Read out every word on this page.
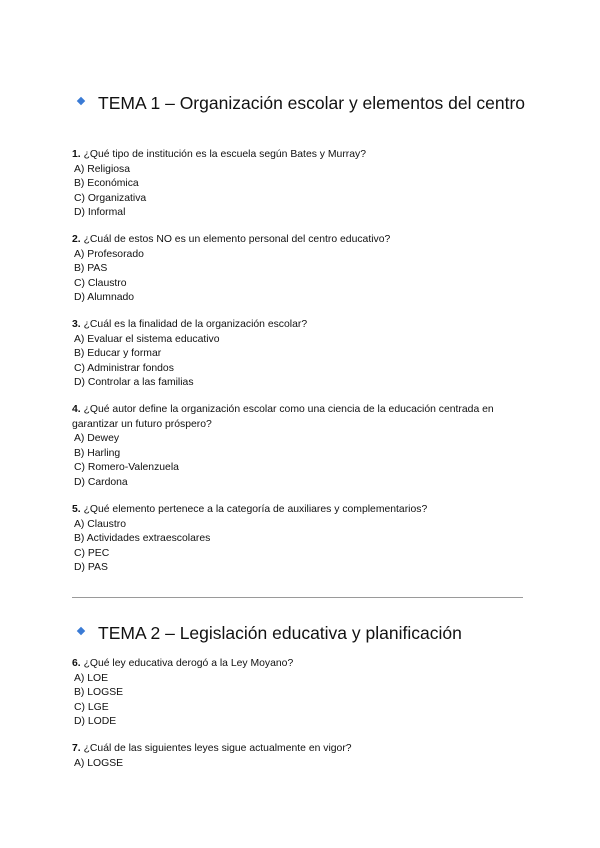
TEMA 1 – Organización escolar y elementos del centro

1. ¿Qué tipo de institución es la escuela según Bates y Murray?

A) Religiosa
B) Económica
C) Organizativa
D) Informal

2. ¿Cuál de estos NO es un elemento personal del centro educativo?

A) Profesorado
B) PAS
C) Claustro
D) Alumnado

3. ¿Cuál es la finalidad de la organización escolar?

A) Evaluar el sistema educativo
B) Educar y formar
C) Administrar fondos
D) Controlar a las familias

4. ¿Qué autor define la organización escolar como una ciencia de la educación centrada en garantizar un futuro próspero?

A) Dewey
B) Harling
C) Romero-Valenzuela
D) Cardona

5. ¿Qué elemento pertenece a la categoría de auxiliares y complementarios?

A) Claustro
B) Actividades extraescolares
C) PEC
D) PAS
TEMA 2 – Legislación educativa y planificación

6. ¿Qué ley educativa derogó a la Ley Moyano?

A) LOE
B) LOGSE
C) LGE
D) LODE

7. ¿Cuál de las siguientes leyes sigue actualmente en vigor?

A) LOGSE
